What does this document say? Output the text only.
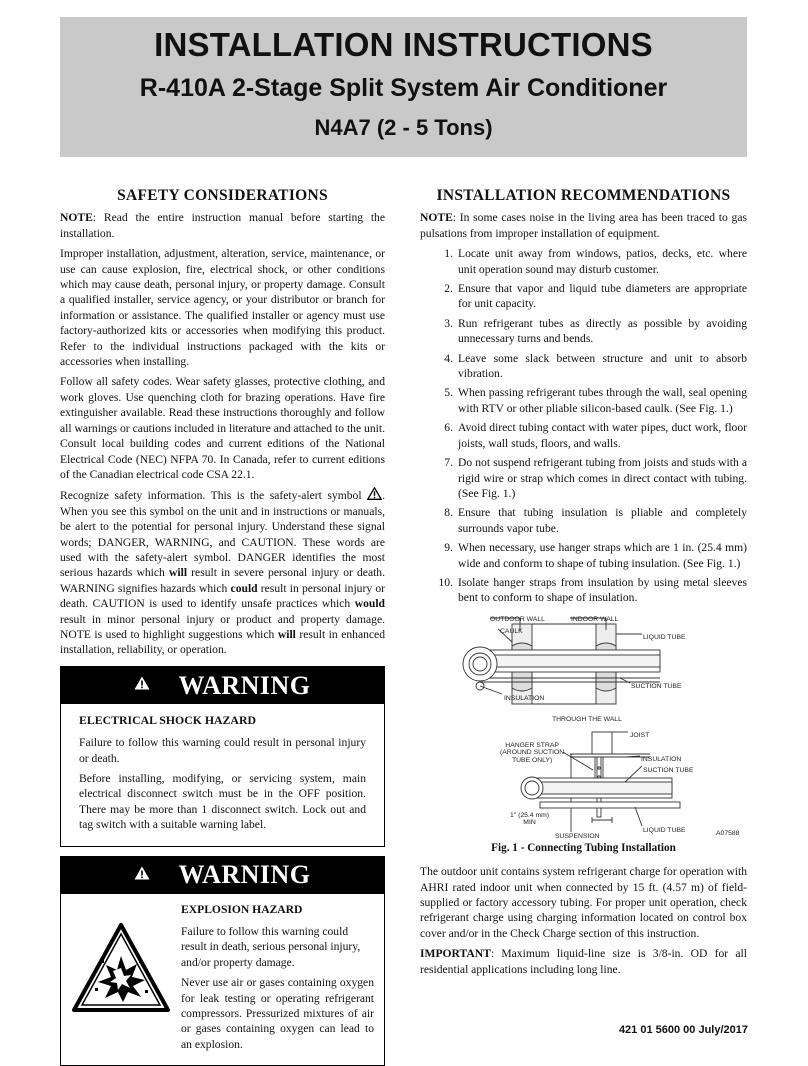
INSTALLATION INSTRUCTIONS
R-410A 2-Stage Split System Air Conditioner
N4A7 (2 - 5 Tons)
SAFETY CONSIDERATIONS

NOTE: Read the entire instruction manual before starting the installation.

Improper installation, adjustment, alteration, service, maintenance, or use can cause explosion, fire, electrical shock, or other conditions which may cause death, personal injury, or property damage. Consult a qualified installer, service agency, or your distributor or branch for information or assistance. The qualified installer or agency must use factory-authorized kits or accessories when modifying this product. Refer to the individual instructions packaged with the kits or accessories when installing.

Follow all safety codes. Wear safety glasses, protective clothing, and work gloves. Use quenching cloth for brazing operations. Have fire extinguisher available. Read these instructions thoroughly and follow all warnings or cautions included in literature and attached to the unit. Consult local building codes and current editions of the National Electrical Code (NEC) NFPA 70. In Canada, refer to current editions of the Canadian electrical code CSA 22.1.

Recognize safety information. This is the safety-alert symbol . When you see this symbol on the unit and in instructions or manuals, be alert to the potential for personal injury. Understand these signal words; DANGER, WARNING, and CAUTION. These words are used with the safety-alert symbol. DANGER identifies the most serious hazards which will result in severe personal injury or death. WARNING signifies hazards which could result in personal injury or death. CAUTION is used to identify unsafe practices which would result in minor personal injury or product and property damage. NOTE is used to highlight suggestions which will result in enhanced installation, reliability, or operation.

WARNING
ELECTRICAL SHOCK HAZARD

Failure to follow this warning could result in personal injury or death.

Before installing, modifying, or servicing system, main electrical disconnect switch must be in the OFF position. There may be more than 1 disconnect switch. Lock out and tag switch with a suitable warning label.

WARNING
EXPLOSION HAZARD

Failure to follow this warning could result in death, serious personal injury, and/or property damage.

Never use air or gases containing oxygen for leak testing or operating refrigerant compressors. Pressurized mixtures of air or gases containing oxygen can lead to an explosion.

INSTALLATION RECOMMENDATIONS

NOTE: In some cases noise in the living area has been traced to gas pulsations from improper installation of equipment.

1. Locate unit away from windows, patios, decks, etc. where unit operation sound may disturb customer.
2. Ensure that vapor and liquid tube diameters are appropriate for unit capacity.
3. Run refrigerant tubes as directly as possible by avoiding unnecessary turns and bends.
4. Leave some slack between structure and unit to absorb vibration.
5. When passing refrigerant tubes through the wall, seal opening with RTV or other pliable silicon-based caulk. (See Fig. 1.)
6. Avoid direct tubing contact with water pipes, duct work, floor joists, wall studs, floors, and walls.
7. Do not suspend refrigerant tubing from joists and studs with a rigid wire or strap which comes in direct contact with tubing.(See Fig. 1.)
8. Ensure that tubing insulation is pliable and completely surrounds vapor tube.
9. When necessary, use hanger straps which are 1 in. (25.4 mm) wide and conform to shape of tubing insulation. (See Fig. 1.)
10. Isolate hanger straps from insulation by using metal sleeves bent to conform to shape of insulation.
OUTDOOR WALL	INDOOR WALL
CAULK
LIQUID TUBE
SUCTION TUBE
INSULATION
THROUGH THE WALL
JOIST
HANGER STRAP
(AROUND SUCTION
TUBE ONLY)	INSULATION
SUCTION TUBE
1" (25.4 mm)
MIN
LIQUID TUBE
SUSPENSION	A07588
Fig. 1 - Connecting Tubing Installation

The outdoor unit contains system refrigerant charge for operation with AHRI rated indoor unit when connected by 15 ft. (4.57 m) of field-supplied or factory accessory tubing. For proper unit operation, check refrigerant charge using charging information located on control box cover and/or in the Check Charge section of this instruction.

IMPORTANT: Maximum liquid-line size is 3/8-in. OD for all residential applications including long line.

421 01 5600 00 July/2017
